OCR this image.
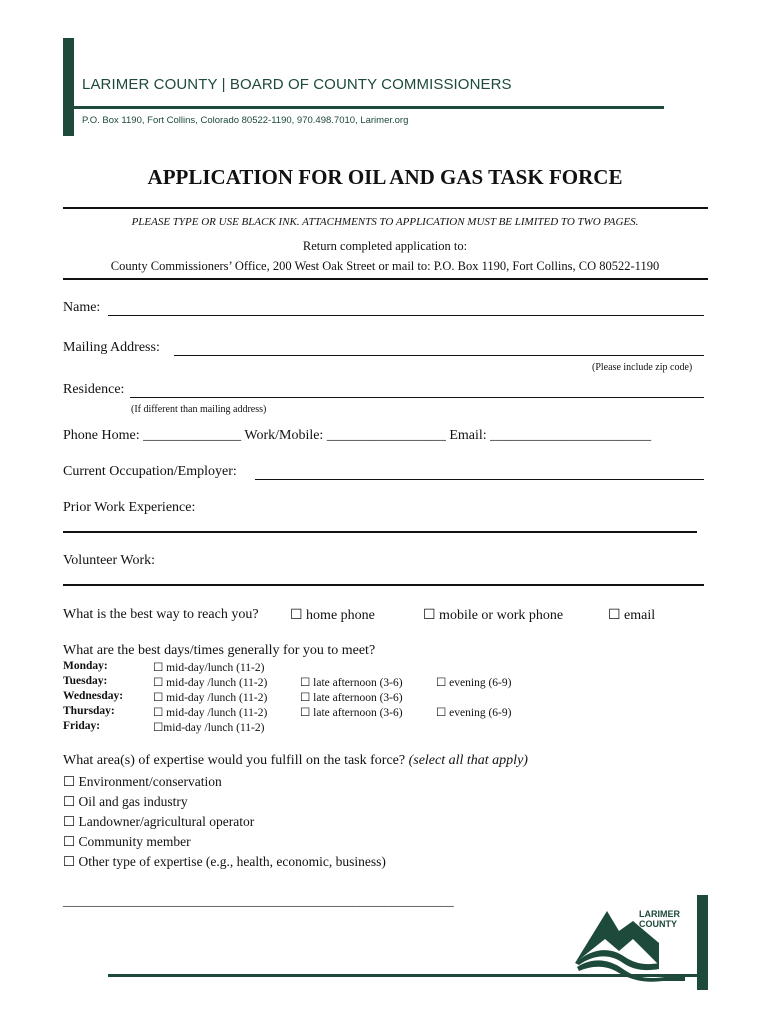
LARIMER COUNTY | BOARD OF COUNTY COMMISSIONERS
P.O. Box 1190, Fort Collins, Colorado 80522-1190, 970.498.7010, Larimer.org
APPLICATION FOR OIL AND GAS TASK FORCE
PLEASE TYPE OR USE BLACK INK. ATTACHMENTS TO APPLICATION MUST BE LIMITED TO TWO PAGES.
Return completed application to:
County Commissioners’ Office, 200 West Oak Street or mail to: P.O. Box 1190, Fort Collins, CO 80522-1190
Name:
Mailing Address:
(Please include zip code)
Residence:
(If different than mailing address)
Phone Home: ______________ Work/Mobile: _________________ Email: _______________________
Current Occupation/Employer:
Prior Work Experience:
Volunteer Work:
What is the best way to reach you? ☐ home phone	☐ mobile or work phone	☐ email
What are the best days/times generally for you to meet?
Monday:	☐ mid-day/lunch (11-2)
Tuesday:	☐ mid-day /lunch (11-2)	☐ late afternoon (3-6)	☐ evening (6-9)
Wednesday:	☐ mid-day /lunch (11-2)	☐ late afternoon (3-6)
Thursday:	☐ mid-day /lunch (11-2)	☐ late afternoon (3-6)	☐ evening (6-9)
Friday:	☐mid-day /lunch (11-2)
What area(s) of expertise would you fulfill on the task force? (select all that apply)
☐ Environment/conservation
☐ Oil and gas industry
☐ Landowner/agricultural operator
☐ Community member
☐ Other type of expertise (e.g., health, economic, business)
______________________________________________________________
LARIMER
COUNTY
